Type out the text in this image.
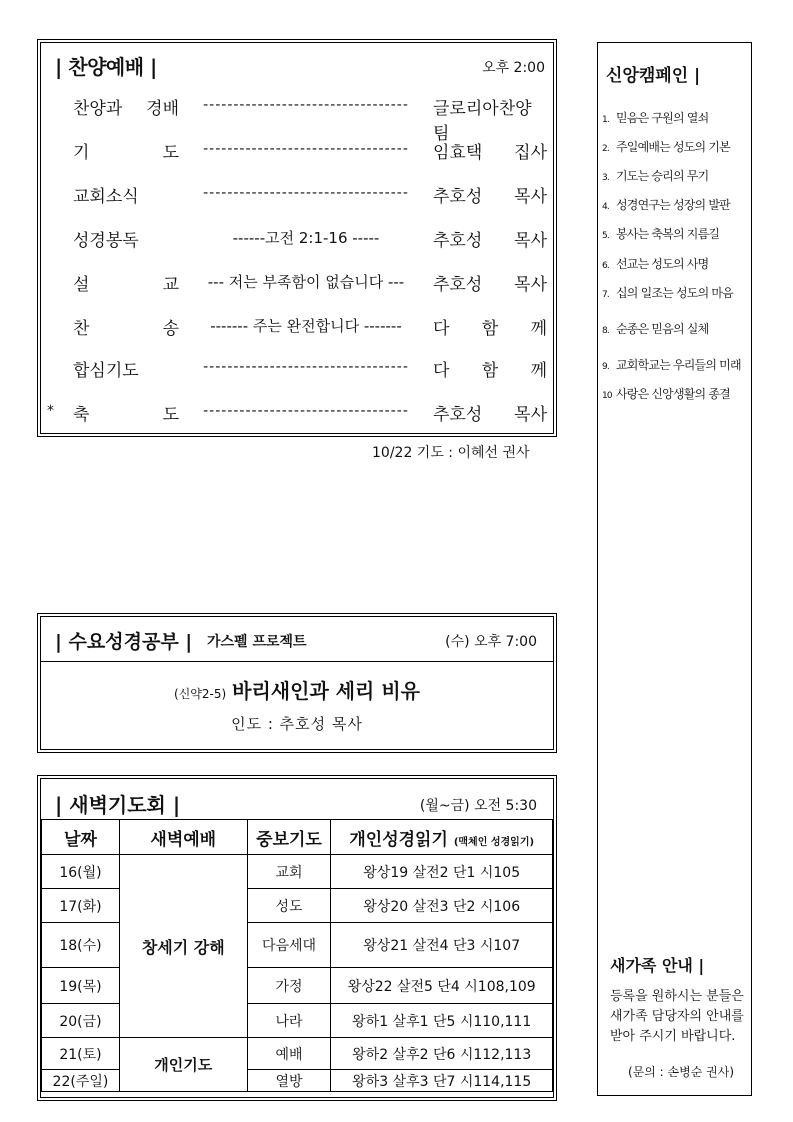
| 찬양예배 |	오후 2:00
찬양과 경배	----------------------------------	글로리아찬양팀
기 도	----------------------------------	임효택 집사
교회소식	----------------------------------	추호성 목사
성경봉독	------고전 2:1-16 -----	추호성 목사
설 교	--- 저는 부족함이 없습니다 ---	추호성 목사
찬 송	------- 주는 완전합니다 -------	다 함 께
합심기도	----------------------------------	다 함 께
* 축 도	----------------------------------	추호성 목사
10/22 기도 : 이혜선 권사
신앙캠페인 |
1. 믿음은 구원의 열쇠
2. 주일예배는 성도의 기본
3. 기도는 승리의 무기
4. 성경연구는 성장의 발판
5. 봉사는 축복의 지름길
6. 선교는 성도의 사명
7. 십의 일조는 성도의 마음
8. 순종은 믿음의 실체
9. 교회학교는 우리들의 미래
10 사랑은 신앙생활의 종결
새가족 안내 |
등록을 원하시는 분들은 새가족 담당자의 안내를 받아 주시기 바랍니다.
(문의 : 손병순 권사)
| 수요성경공부 | 가스펠 프로젝트	(수) 오후 7:00
(신약2-5) 바리새인과 세리 비유
인도 : 추호성 목사
| 새벽기도회 |	(월~금) 오전 5:30
날짜	새벽예배	중보기도	개인성경읽기 (맥체인 성경읽기)
16(월)	창세기 강해	교회	왕상19 살전2 단1 시105
17(화)		성도	왕상20 살전3 단2 시106
18(수)		다음세대	왕상21 살전4 단3 시107
19(목)		가정	왕상22 살전5 단4 시108,109
20(금)		나라	왕하1 살후1 단5 시110,111
21(토)	개인기도	예배	왕하2 살후2 단6 시112,113
22(주일)		열방	왕하3 살후3 단7 시114,115
